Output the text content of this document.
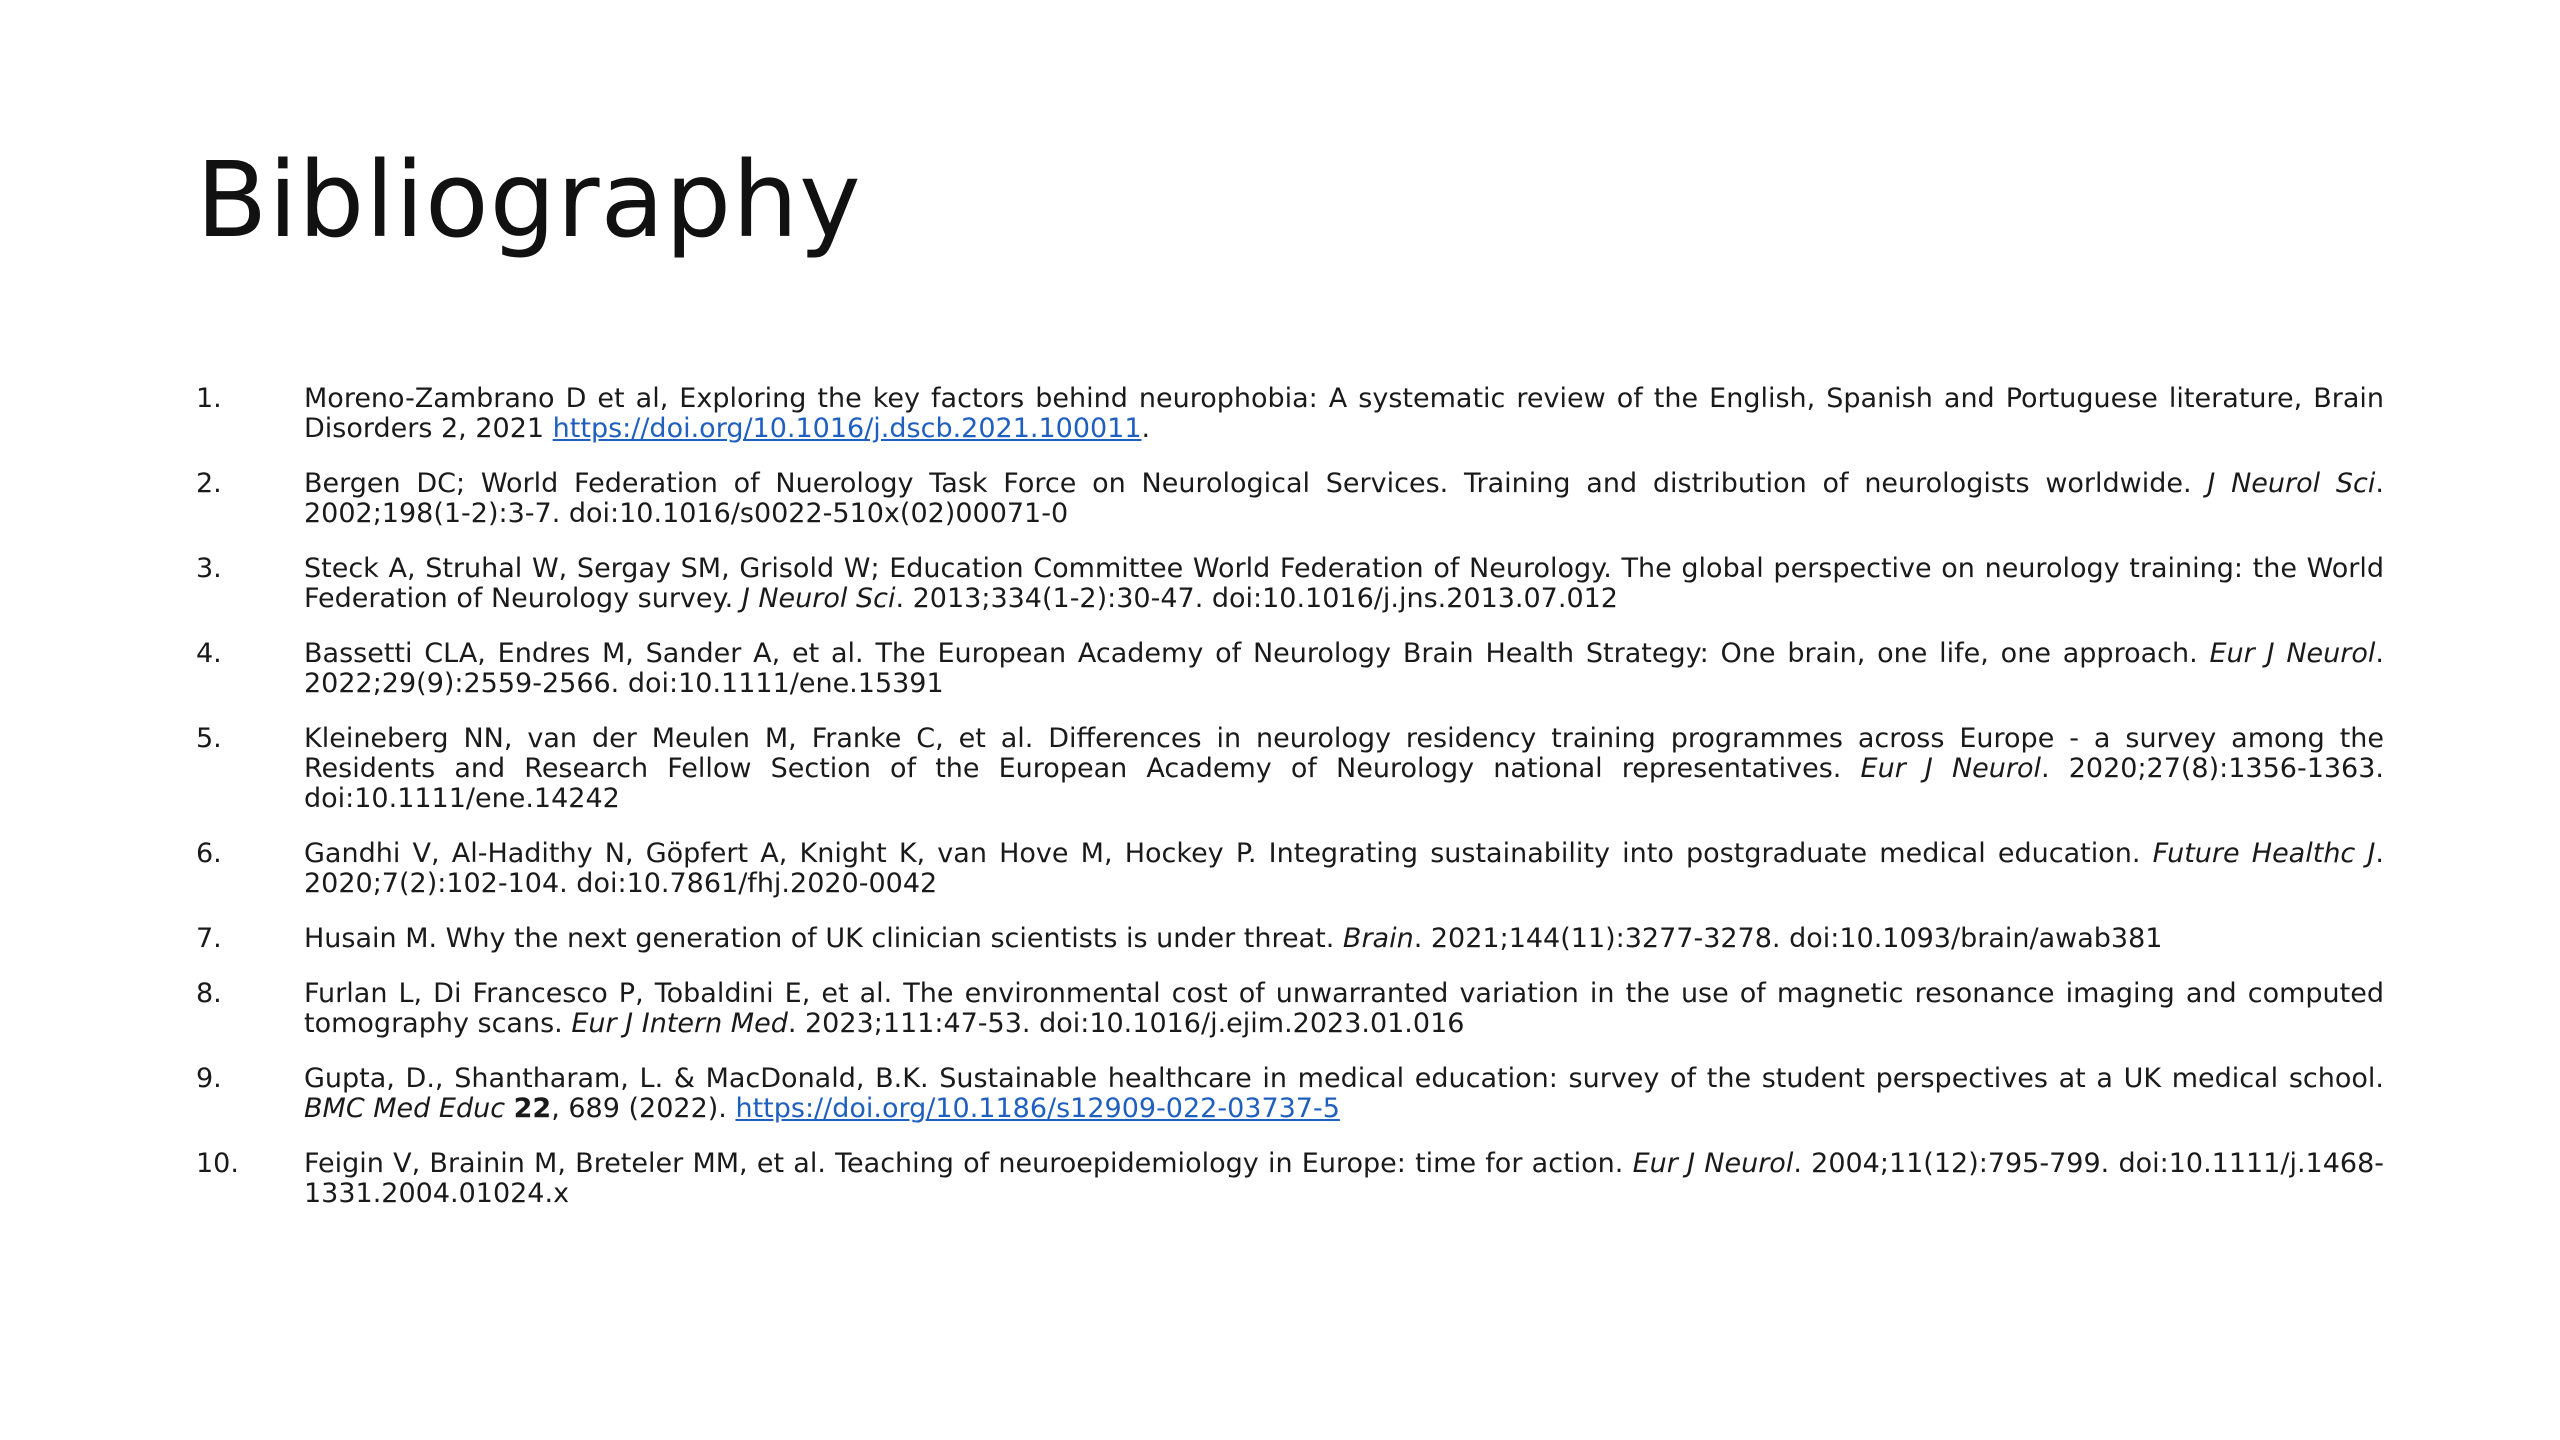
Bibliography
1.	Moreno-Zambrano D et al, Exploring the key factors behind neurophobia: A systematic review of the English, Spanish and Portuguese literature, Brain Disorders 2, 2021 https://doi.org/10.1016/j.dscb.2021.100011.
2.	Bergen DC; World Federation of Nuerology Task Force on Neurological Services. Training and distribution of neurologists worldwide. J Neurol Sci. 2002;198(1-2):3-7. doi:10.1016/s0022-510x(02)00071-0
3.	Steck A, Struhal W, Sergay SM, Grisold W; Education Committee World Federation of Neurology. The global perspective on neurology training: the World Federation of Neurology survey. J Neurol Sci. 2013;334(1-2):30-47. doi:10.1016/j.jns.2013.07.012
4.	Bassetti CLA, Endres M, Sander A, et al. The European Academy of Neurology Brain Health Strategy: One brain, one life, one approach. Eur J Neurol. 2022;29(9):2559-2566. doi:10.1111/ene.15391
5.	Kleineberg NN, van der Meulen M, Franke C, et al. Differences in neurology residency training programmes across Europe - a survey among the Residents and Research Fellow Section of the European Academy of Neurology national representatives. Eur J Neurol. 2020;27(8):1356-1363. doi:10.1111/ene.14242
6.	Gandhi V, Al-Hadithy N, Göpfert A, Knight K, van Hove M, Hockey P. Integrating sustainability into postgraduate medical education. Future Healthc J. 2020;7(2):102-104. doi:10.7861/fhj.2020-0042
7.	Husain M. Why the next generation of UK clinician scientists is under threat. Brain. 2021;144(11):3277-3278. doi:10.1093/brain/awab381
8.	Furlan L, Di Francesco P, Tobaldini E, et al. The environmental cost of unwarranted variation in the use of magnetic resonance imaging and computed tomography scans. Eur J Intern Med. 2023;111:47-53. doi:10.1016/j.ejim.2023.01.016
9.	Gupta, D., Shantharam, L. & MacDonald, B.K. Sustainable healthcare in medical education: survey of the student perspectives at a UK medical school. BMC Med Educ 22, 689 (2022). https://doi.org/10.1186/s12909-022-03737-5
10.	Feigin V, Brainin M, Breteler MM, et al. Teaching of neuroepidemiology in Europe: time for action. Eur J Neurol. 2004;11(12):795-799. doi:10.1111/j.1468-1331.2004.01024.x
